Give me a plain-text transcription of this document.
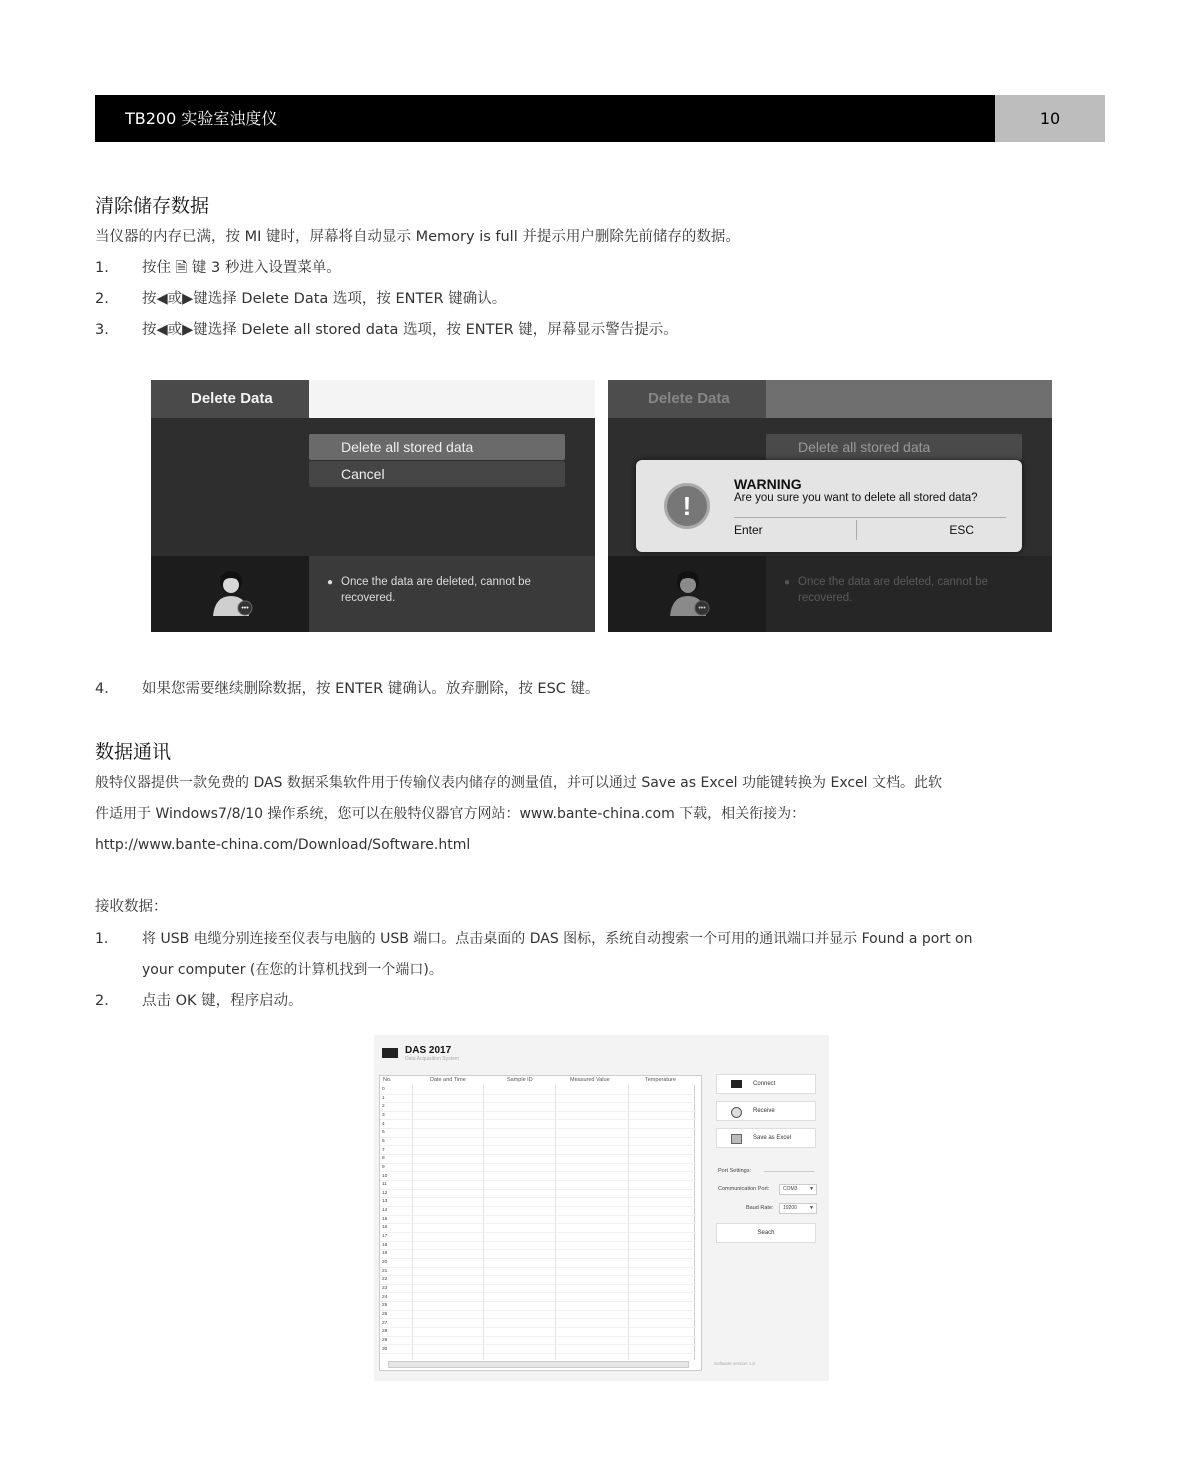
TB200 实验室浊度仪	10
清除储存数据
当仪器的内存已满，按 MI 键时，屏幕将自动显示 Memory is full 并提示用户删除先前储存的数据。
1. 按住 🗎 键 3 秒进入设置菜单。
2. 按◀或▶键选择 Delete Data 选项，按 ENTER 键确认。
3. 按◀或▶键选择 Delete all stored data 选项，按 ENTER 键，屏幕显示警告提示。
Delete Data
Delete all stored data
Cancel
•••
● Once the data are deleted, cannot be recovered.
Delete Data
Delete all stored data
•••
● Once the data are deleted, cannot be recovered.
!
WARNING
Are you sure you want to delete all stored data?
Enter	ESC
4. 如果您需要继续删除数据，按 ENTER 键确认。放弃删除，按 ESC 键。
数据通讯
般特仪器提供一款免费的 DAS 数据采集软件用于传输仪表内储存的测量值，并可以通过 Save as Excel 功能键转换为 Excel 文档。此软
件适用于 Windows7/8/10 操作系统，您可以在般特仪器官方网站：www.bante-china.com 下载，相关衔接为：
http://www.bante-china.com/Download/Software.html
接收数据：
1. 将 USB 电缆分别连接至仪表与电脑的 USB 端口。点击桌面的 DAS 图标，系统自动搜索一个可用的通讯端口并显示 Found a port on
your computer (在您的计算机找到一个端口)。
2. 点击 OK 键，程序启动。
DAS 2017
Data Acquisition System
No.	Date and Time	Sample ID	Measured Value	Temperature
0
1
2
3
4
5
6
7
8
9
10
11
12
13
14
15
16
17
18
19
20
21
22
23
24
25
26
27
28
29
30
Connect
Receive
Save as Excel
Port Settings:
Communication Port:	COM3	▼
Baud Rate:	19200	▼
Seach
Software version 1.0
